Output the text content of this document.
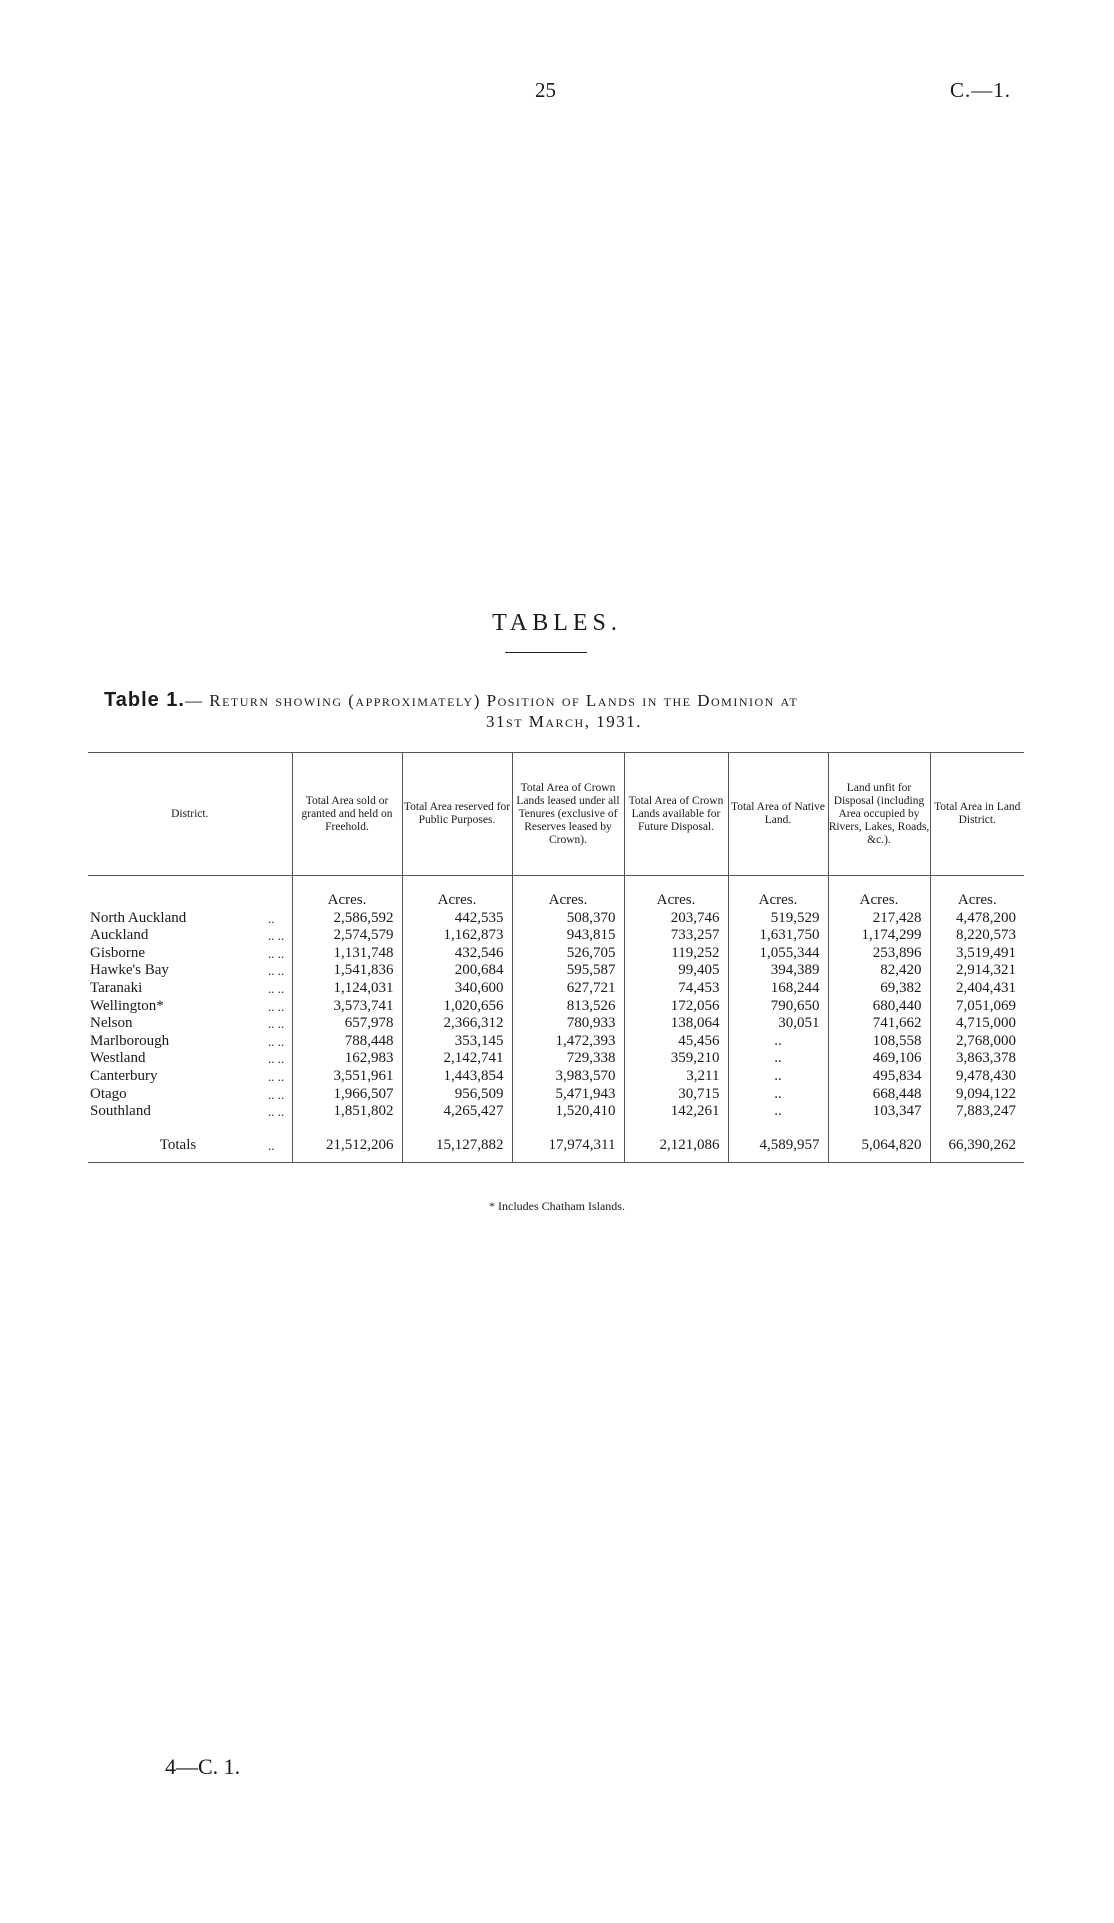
25	C.—1.
TABLES.
Table 1.— Return showing (approximately) Position of Lands in the Dominion at
31st March, 1931.
District.		Total Area sold or granted and held on Freehold.	Total Area reserved for Public Purposes.	Total Area of Crown Lands leased under all Tenures (exclusive of Reserves leased by Crown).	Total Area of Crown Lands available for Future Disposal.	Total Area of Native Land.	Land unfit for Disposal (including Area occupied by Rivers, Lakes, Roads, &c.).	Total Area in Land District.
		Acres.	Acres.	Acres.	Acres.	Acres.	Acres.	Acres.
North Auckland	..	2,586,592	442,535	508,370	203,746	519,529	217,428	4,478,200
Auckland	.. ..	2,574,579	1,162,873	943,815	733,257	1,631,750	1,174,299	8,220,573
Gisborne	.. ..	1,131,748	432,546	526,705	119,252	1,055,344	253,896	3,519,491
Hawke's Bay	.. ..	1,541,836	200,684	595,587	99,405	394,389	82,420	2,914,321
Taranaki	.. ..	1,124,031	340,600	627,721	74,453	168,244	69,382	2,404,431
Wellington*	.. ..	3,573,741	1,020,656	813,526	172,056	790,650	680,440	7,051,069
Nelson	.. ..	657,978	2,366,312	780,933	138,064	30,051	741,662	4,715,000
Marlborough	.. ..	788,448	353,145	1,472,393	45,456	..	108,558	2,768,000
Westland	.. ..	162,983	2,142,741	729,338	359,210	..	469,106	3,863,378
Canterbury	.. ..	3,551,961	1,443,854	3,983,570	3,211	..	495,834	9,478,430
Otago	.. ..	1,966,507	956,509	5,471,943	30,715	..	668,448	9,094,122
Southland	.. ..	1,851,802	4,265,427	1,520,410	142,261	..	103,347	7,883,247

Totals	..	21,512,206	15,127,882	17,974,311	2,121,086	4,589,957	5,064,820	66,390,262
* Includes Chatham Islands.
4—C. 1.
